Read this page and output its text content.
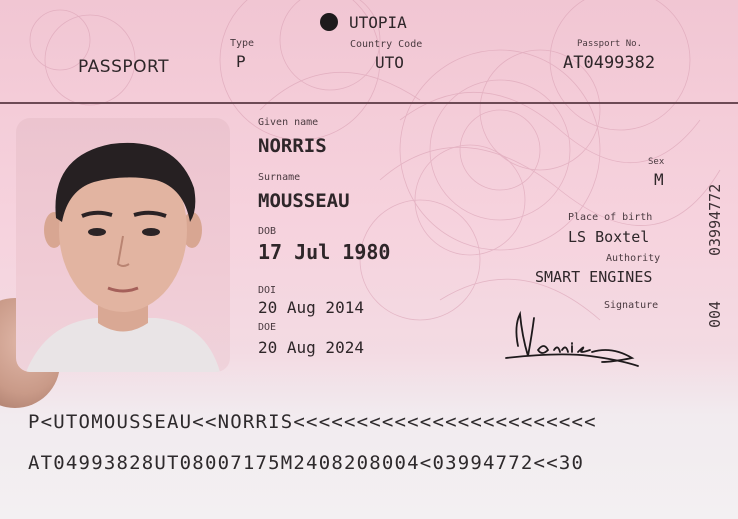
UTOPIA
PASSPORT
Type
P
Country Code
UTO
Passport No.
AT0499382
Given name
NORRIS
Surname
MOUSSEAU
DOB
17 Jul 1980
DOI
20 Aug 2014
DOE
20 Aug 2024
Sex
M
Place of birth
LS Boxtel
Authority
SMART ENGINES
Signature
03994772
004
P<UTOMOUSSEAU<<NORRIS<<<<<<<<<<<<<<<<<<<<<<<<
AT04993828UT08007175M2408208004<03994772<<30
